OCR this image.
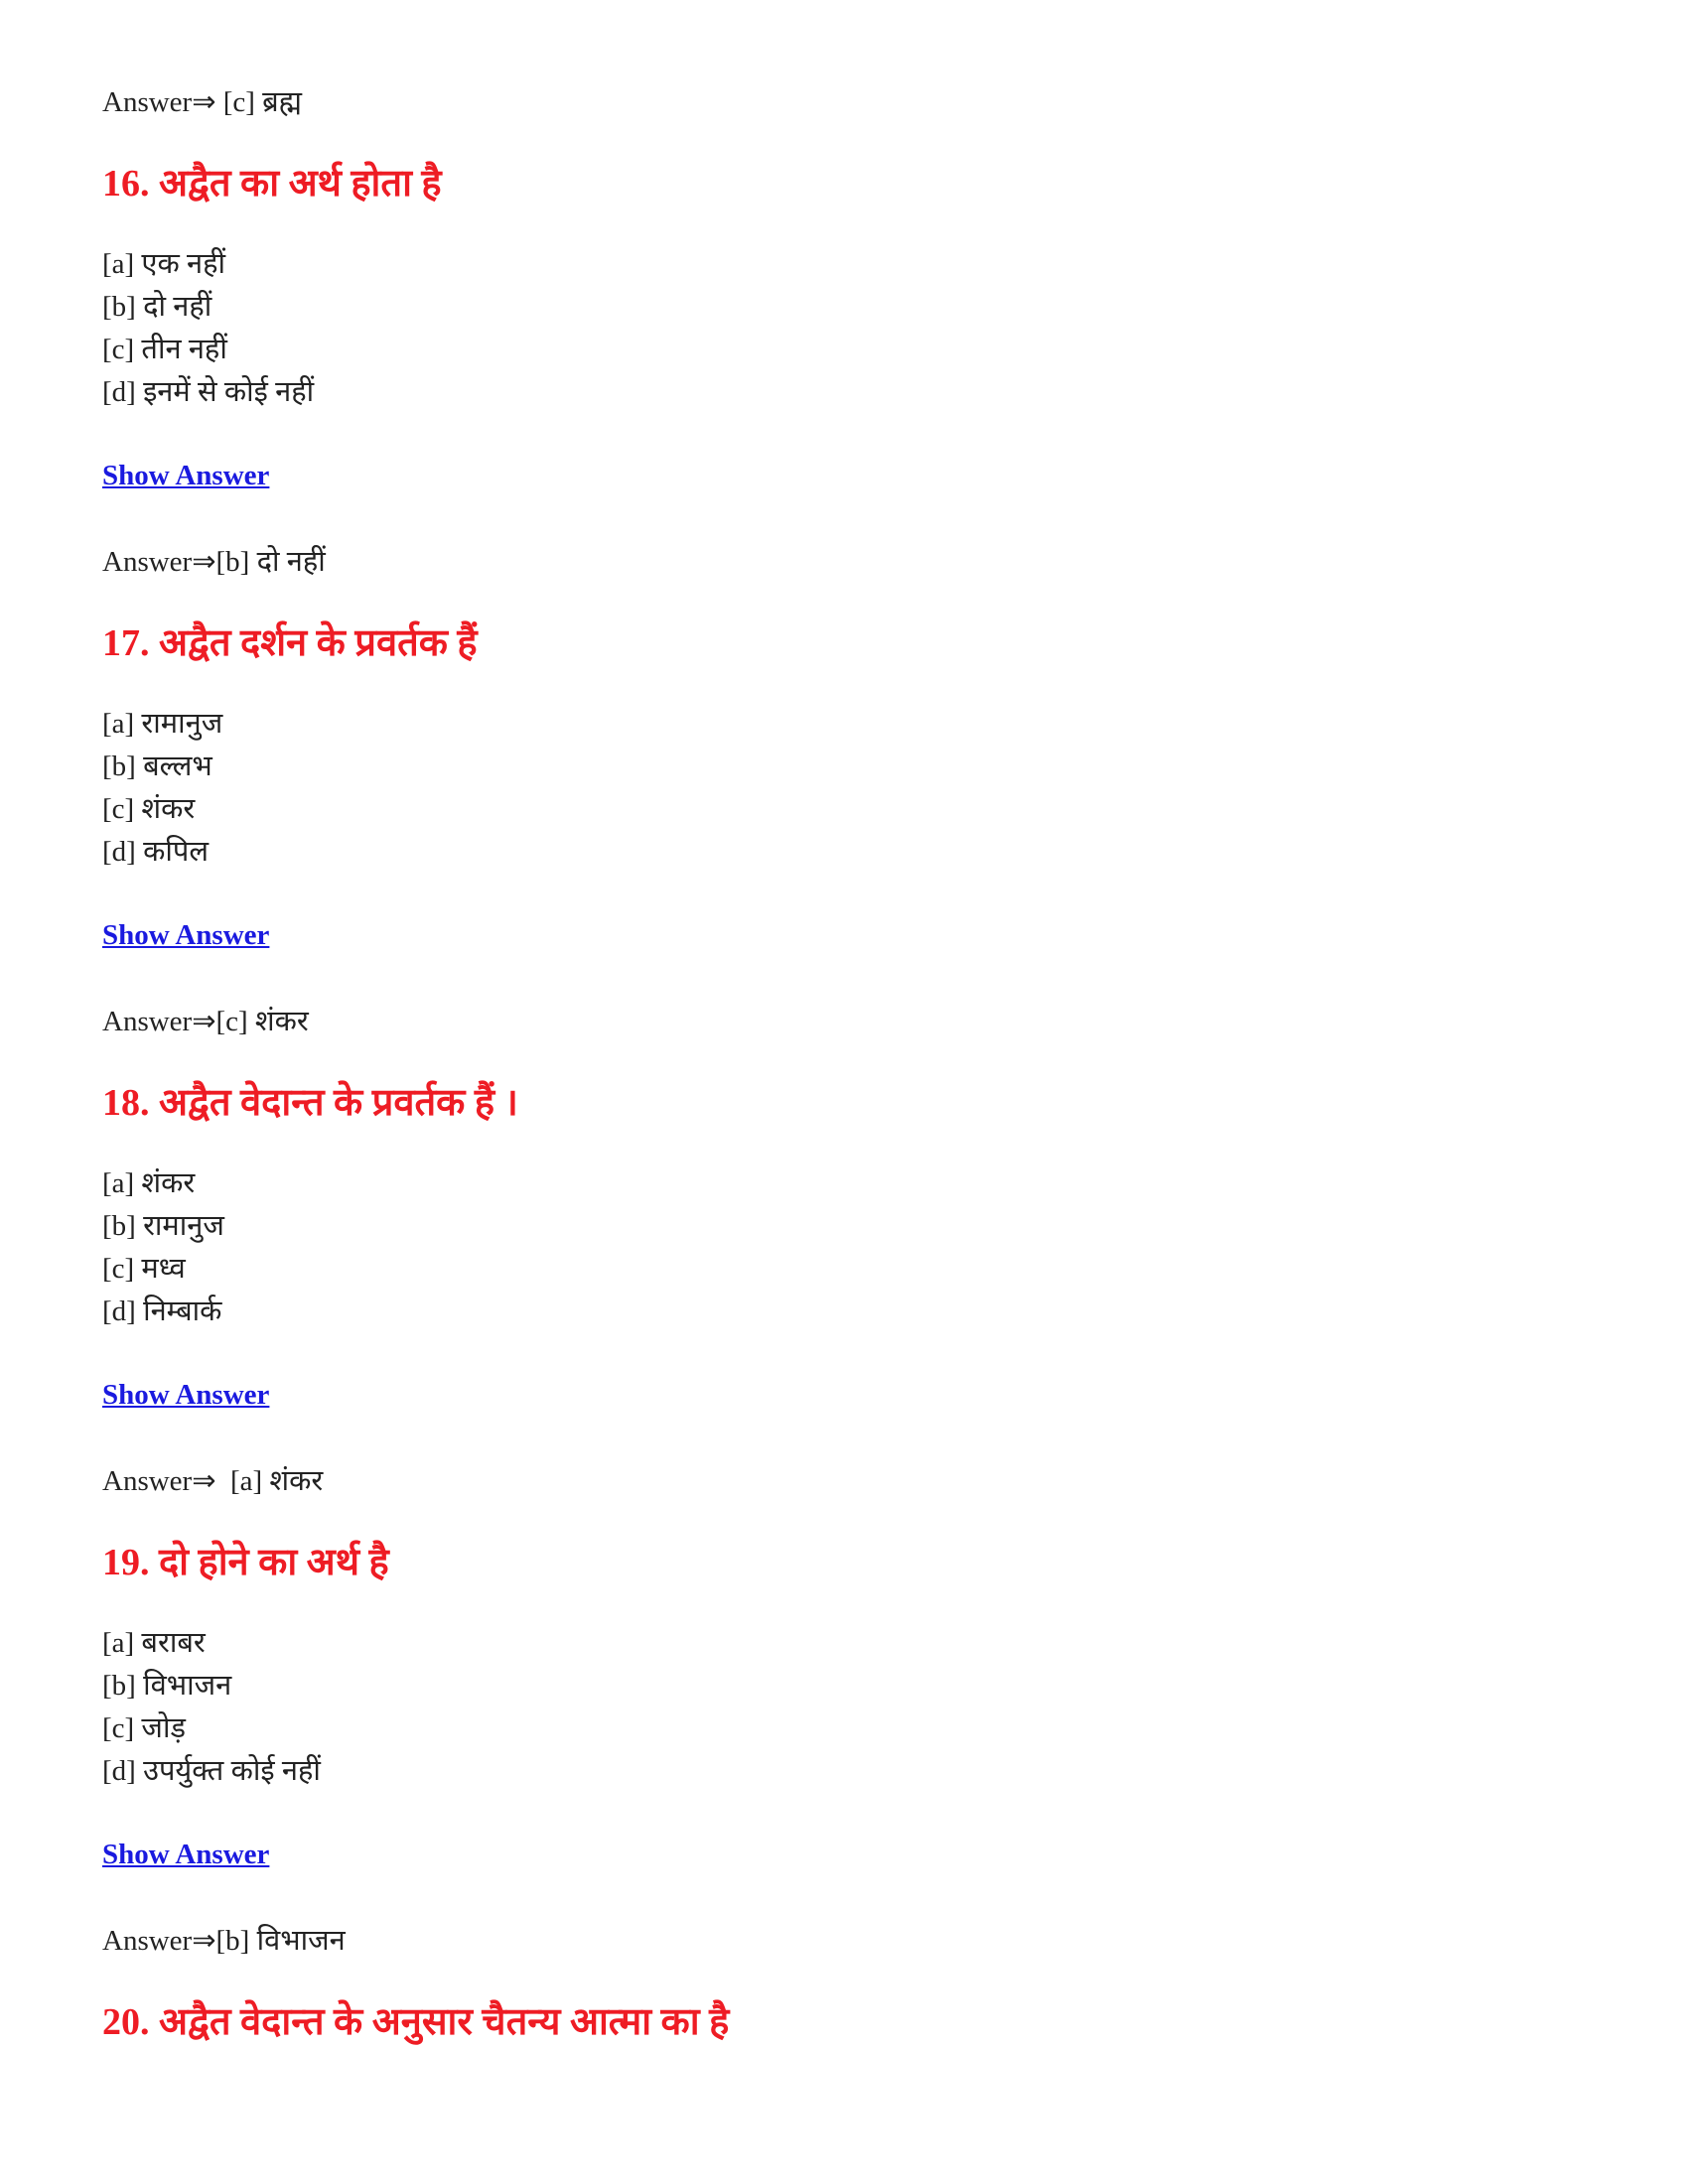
Answer⇒ [c] ब्रह्म
16. अद्वैत का अर्थ होता है
[a] एक नहीं
[b] दो नहीं
[c] तीन नहीं
[d] इनमें से कोई नहीं
Show Answer
Answer⇒[b] दो नहीं
17. अद्वैत दर्शन के प्रवर्तक हैं
[a] रामानुज
[b] बल्लभ
[c] शंकर
[d] कपिल
Show Answer
Answer⇒[c] शंकर
18. अद्वैत वेदान्त के प्रवर्तक हैं ।
[a] शंकर
[b] रामानुज
[c] मध्व
[d] निम्बार्क
Show Answer
Answer⇒  [a] शंकर
19. दो होने का अर्थ है
[a] बराबर
[b] विभाजन
[c] जोड़
[d] उपर्युक्त कोई नहीं
Show Answer
Answer⇒[b] विभाजन
20. अद्वैत वेदान्त के अनुसार चैतन्य आत्मा का है
